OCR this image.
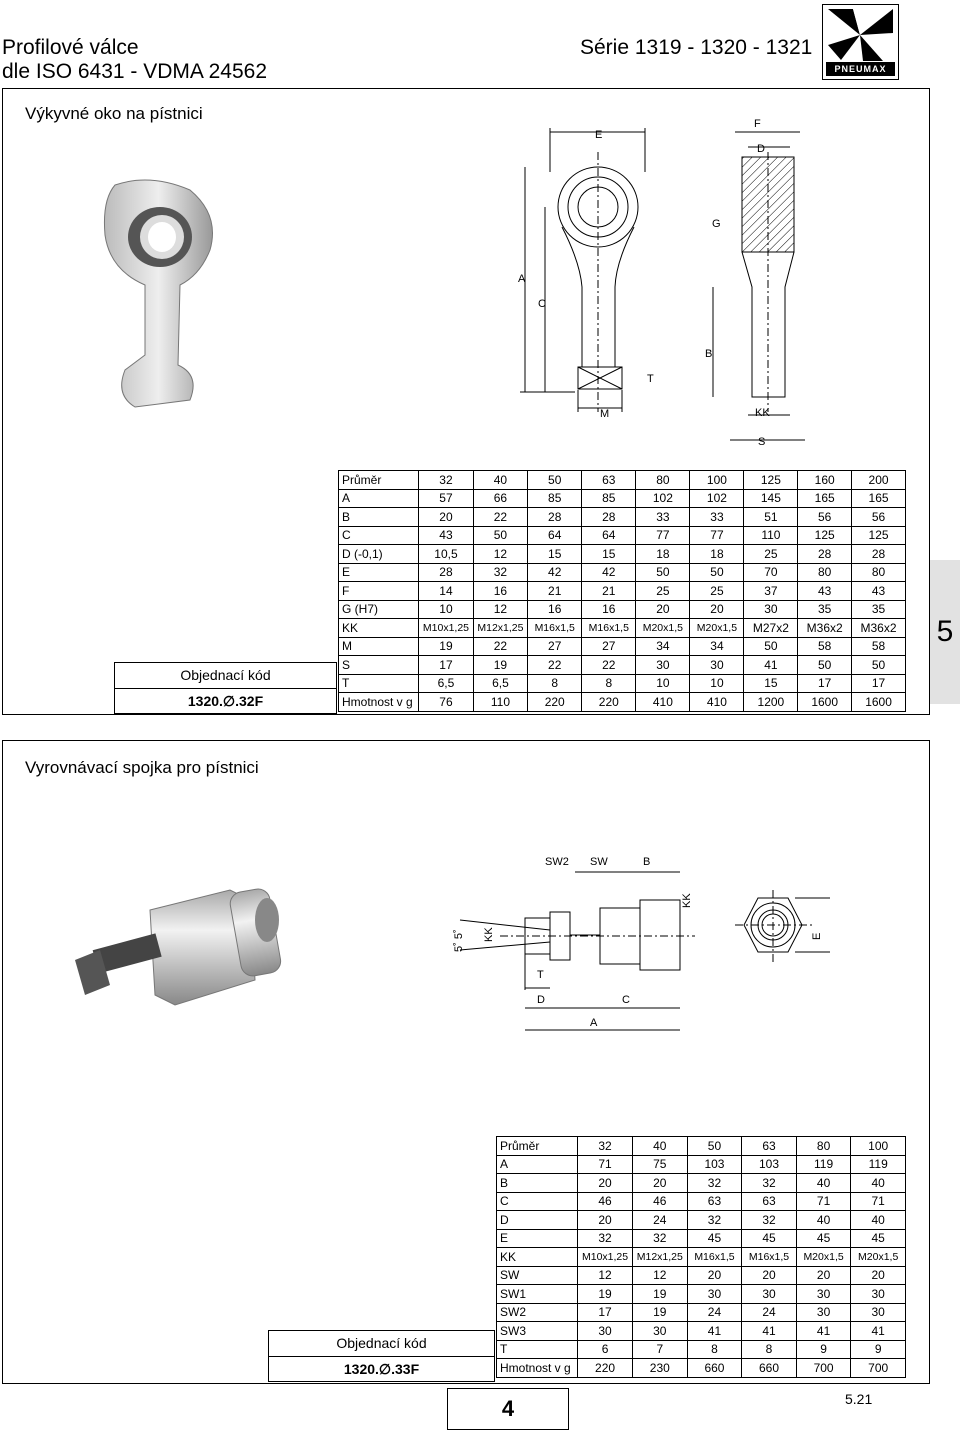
Profilové válce
dle ISO 6431 - VDMA 24562
Série 1319 - 1320 - 1321
PNEUMAX
Výkyvné oko na pístnici
E
F
D
G
A
C
B
T
M	KK
S
Objednací kód
1320.∅.32F
Průměr	32	40	50	63	80	100	125	160	200
A	57	66	85	85	102	102	145	165	165
B	20	22	28	28	33	33	51	56	56
C	43	50	64	64	77	77	110	125	125
D (-0,1)	10,5	12	15	15	18	18	25	28	28
E	28	32	42	42	50	50	70	80	80
F	14	16	21	21	25	25	37	43	43
G (H7)	10	12	16	16	20	20	30	35	35
KK	M10x1,25	M12x1,25	M16x1,5	M16x1,5	M20x1,5	M20x1,5	M27x2	M36x2	M36x2
M	19	22	27	27	34	34	50	58	58
S	17	19	22	22	30	30	41	50	50
T	6,5	6,5	8	8	10	10	15	17	17
Hmotnost v g	76	110	220	220	410	410	1200	1600	1600
5
Vyrovnávací spojka pro pístnici
SW2 SW	B
KK
KK
5˚ 5˚	E
T
D	C
A
Objednací kód
1320.∅.33F
Průměr	32	40	50	63	80	100
A	71	75	103	103	119	119
B	20	20	32	32	40	40
C	46	46	63	63	71	71
D	20	24	32	32	40	40
E	32	32	45	45	45	45
KK	M10x1,25	M12x1,25	M16x1,5	M16x1,5	M20x1,5	M20x1,5
SW	12	12	20	20	20	20
SW1	19	19	30	30	30	30
SW2	17	19	24	24	30	30
SW3	30	30	41	41	41	41
T	6	7	8	8	9	9
Hmotnost v g	220	230	660	660	700	700
4	5.21
